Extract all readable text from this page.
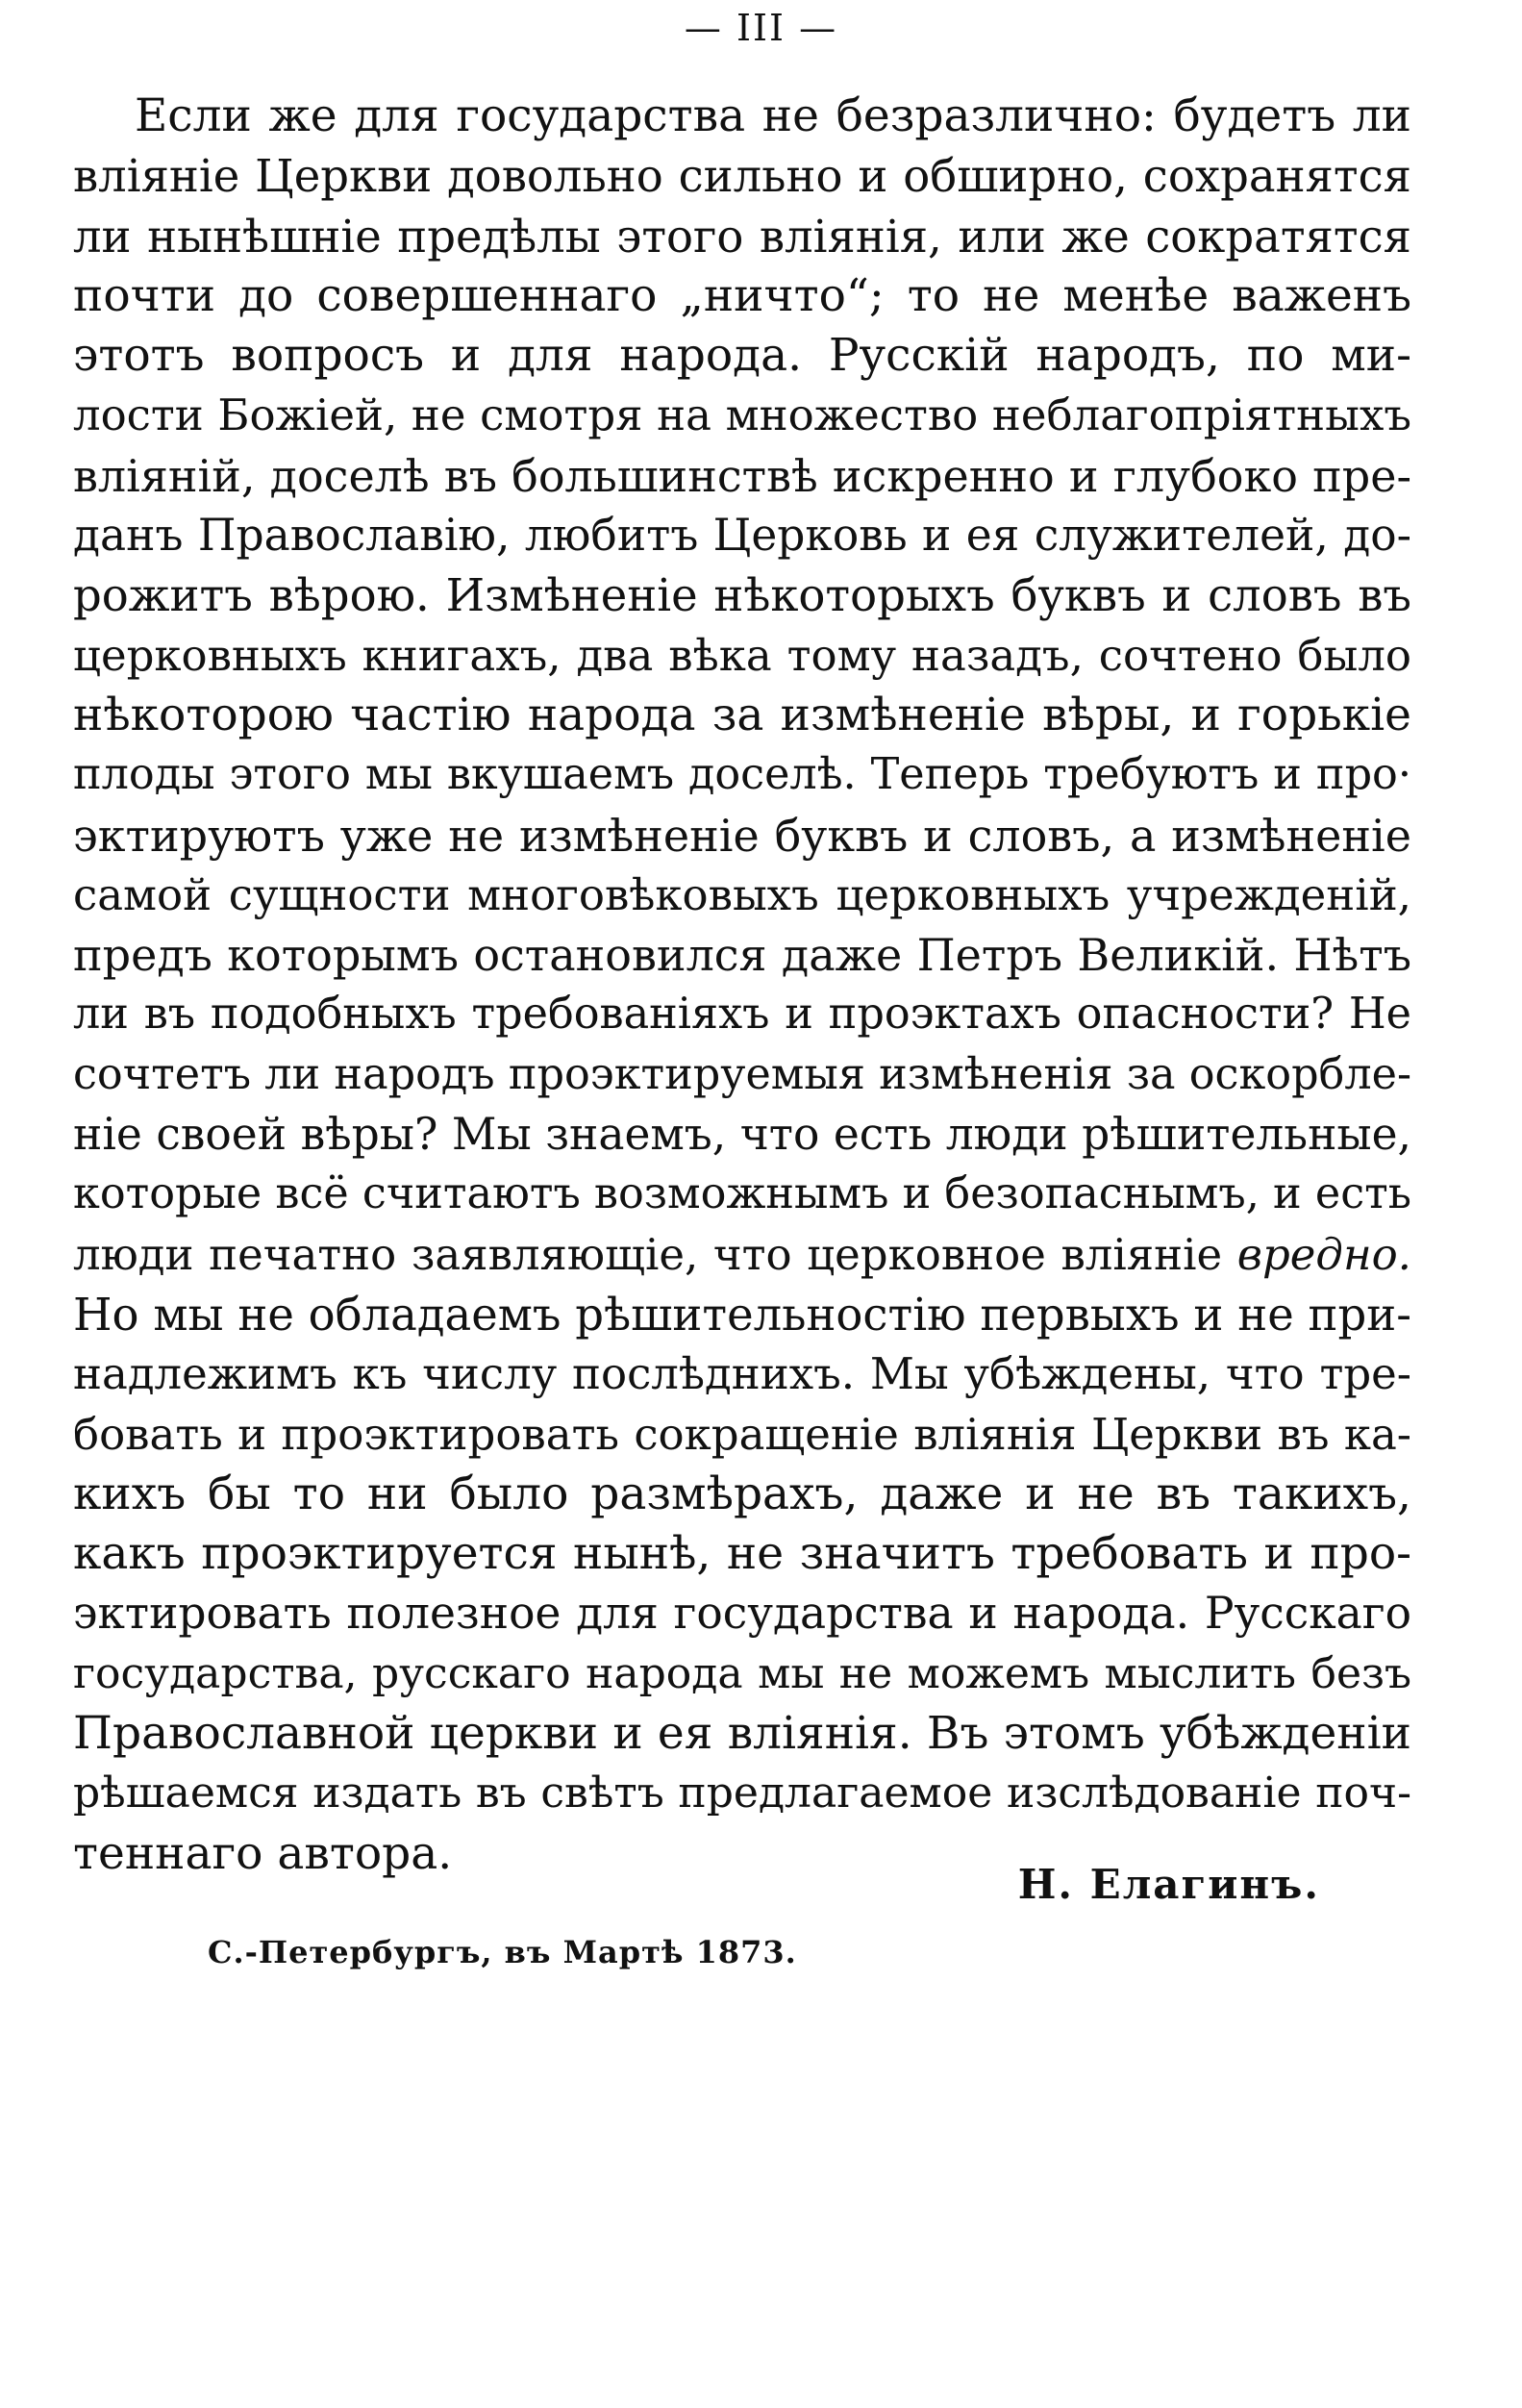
— III —
Если же для государства не безразлично: будетъ ли
вліяніе Церкви довольно сильно и обширно, сохранятся
ли нынѣшніе предѣлы этого вліянія, или же сократятся
почти до совершеннаго „ничто“; то не менѣе важенъ
этотъ вопросъ и для народа. Русскій народъ, по ми-
лости Божіей, не смотря на множество неблагопріятныхъ
вліяній, доселѣ въ большинствѣ искренно и глубоко пре-
данъ Православію, любитъ Церковь и ея служителей, до-
рожитъ вѣрою. Измѣненіе нѣкоторыхъ буквъ и словъ въ
церковныхъ книгахъ, два вѣка тому назадъ, сочтено было
нѣкоторою частію народа за измѣненіе вѣры, и горькіе
плоды этого мы вкушаемъ доселѣ. Теперь требуютъ и про·
эктируютъ уже не измѣненіе буквъ и словъ, а измѣненіе
самой сущности многовѣковыхъ церковныхъ учрежденій,
предъ которымъ остановился даже Петръ Великій. Нѣтъ
ли въ подобныхъ требованіяхъ и проэктахъ опасности? Не
сочтетъ ли народъ проэктируемыя измѣненія за оскорбле-
ніе своей вѣры? Мы знаемъ, что есть люди рѣшительные,
которые всё считаютъ возможнымъ и безопаснымъ, и есть
люди печатно заявляющіе, что церковное вліяніе вредно.
Но мы не обладаемъ рѣшительностію первыхъ и не при-
надлежимъ къ числу послѣднихъ. Мы убѣждены, что тре-
бовать и проэктировать сокращеніе вліянія Церкви въ ка-
кихъ бы то ни было размѣрахъ, даже и не въ такихъ,
какъ проэктируется нынѣ, не значитъ требовать и про-
эктировать полезное для государства и народа. Русскаго
государства, русскаго народа мы не можемъ мыслить безъ
Православной церкви и ея вліянія. Въ этомъ убѣжденіи
рѣшаемся издать въ свѣтъ предлагаемое изслѣдованіе поч-
теннаго автора.
Н. Елагинъ.
С.-Петербургъ, въ Мартѣ 1873.
